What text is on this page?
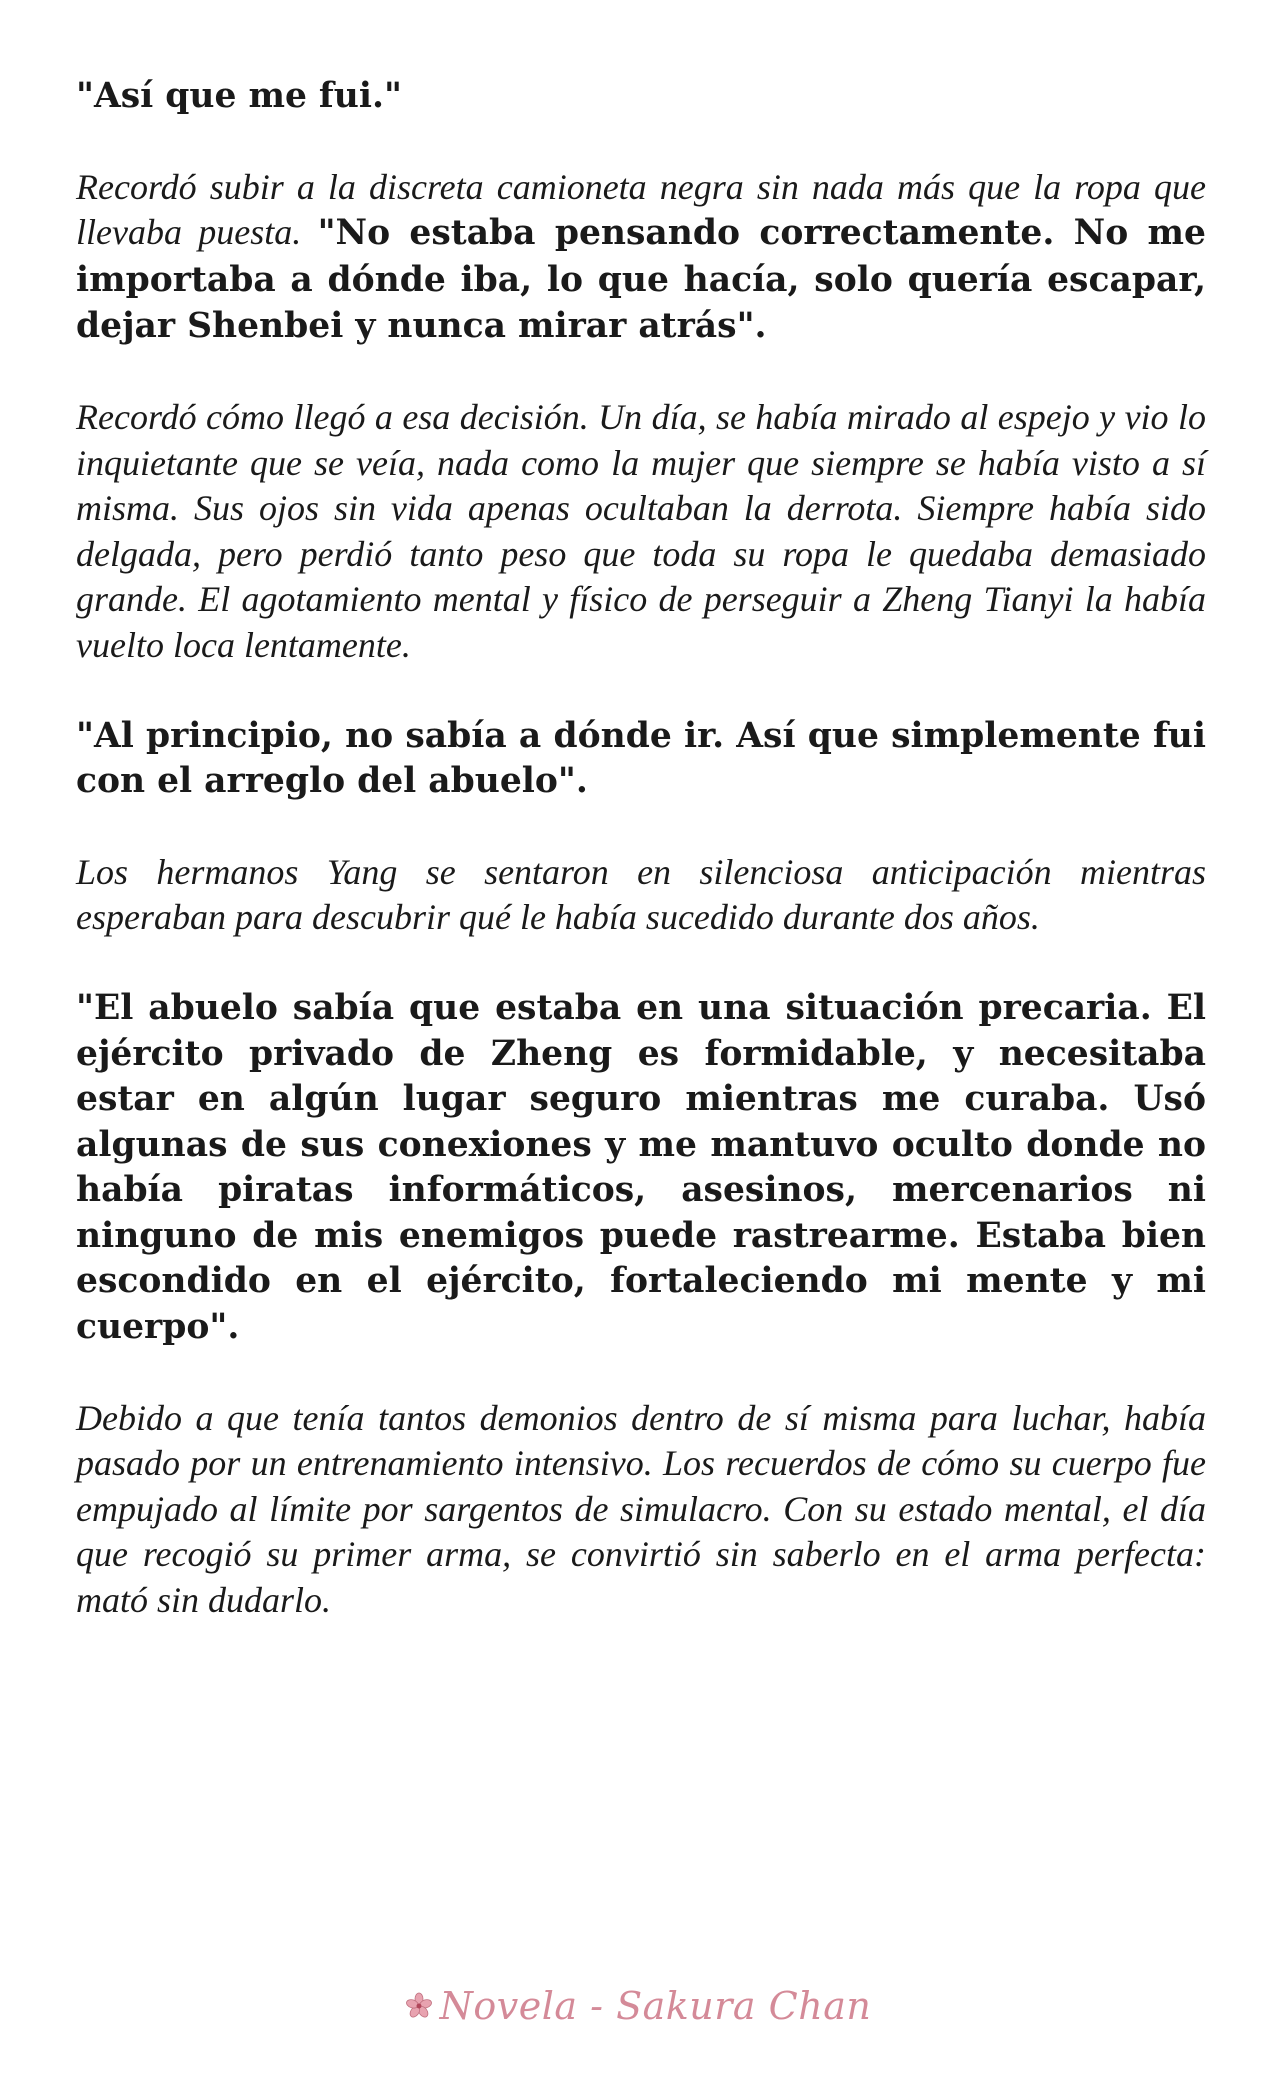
"Así que me fui."

Recordó subir a la discreta camioneta negra sin nada más que la ropa que llevaba puesta. "No estaba pensando correctamente. No me importaba a dónde iba, lo que hacía, solo quería escapar, dejar Shenbei y nunca mirar atrás".

Recordó cómo llegó a esa decisión. Un día, se había mirado al espejo y vio lo inquietante que se veía, nada como la mujer que siempre se había visto a sí misma. Sus ojos sin vida apenas ocultaban la derrota. Siempre había sido delgada, pero perdió tanto peso que toda su ropa le quedaba demasiado grande. El agotamiento mental y físico de perseguir a Zheng Tianyi la había vuelto loca lentamente.

"Al principio, no sabía a dónde ir. Así que simplemente fui con el arreglo del abuelo".

Los hermanos Yang se sentaron en silenciosa anticipación mientras esperaban para descubrir qué le había sucedido durante dos años.

"El abuelo sabía que estaba en una situación precaria. El ejército privado de Zheng es formidable, y necesitaba estar en algún lugar seguro mientras me curaba. Usó algunas de sus conexiones y me mantuvo oculto donde no había piratas informáticos, asesinos, mercenarios ni ninguno de mis enemigos puede rastrearme. Estaba bien escondido en el ejército, fortaleciendo mi mente y mi cuerpo".

Debido a que tenía tantos demonios dentro de sí misma para luchar, había pasado por un entrenamiento intensivo. Los recuerdos de cómo su cuerpo fue empujado al límite por sargentos de simulacro. Con su estado mental, el día que recogió su primer arma, se convirtió sin saberlo en el arma perfecta: mató sin dudarlo.

Novela - Sakura Chan
